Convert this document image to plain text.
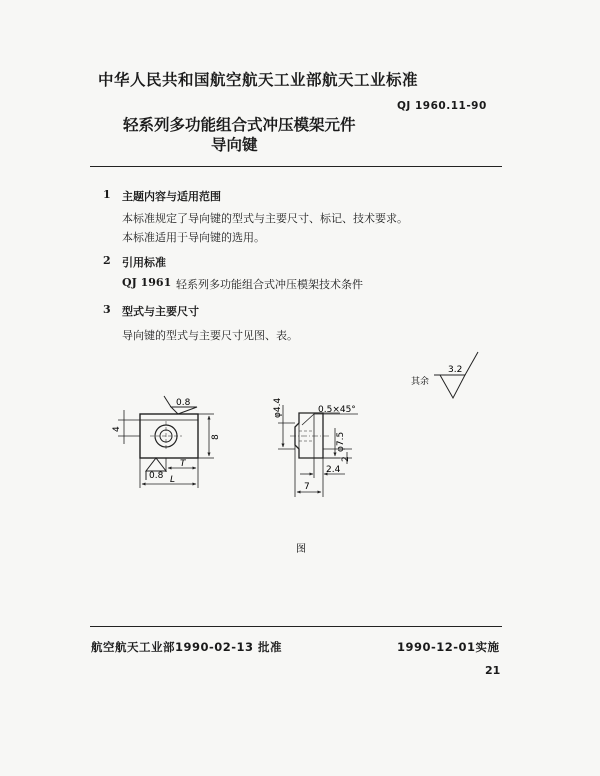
中华人民共和国航空航天工业部航天工业标准
QJ 1960.11-90
轻系列多功能组合式冲压模架元件
导向键
1 主题内容与适用范围
本标准规定了导向键的型式与主要尺寸、标记、技术要求。
本标准适用于导向键的选用。
2 引用标准
QJ 1961 轻系列多功能组合式冲压模架技术条件
3 型式与主要尺寸
导向键的型式与主要尺寸见图、表。
其余
3.2
0.8
4
8
0.8
T
L
φ4.4	0.5×45°
φ7.5
2
2.4
7
图
航空航天工业部1990-02-13 批准	1990-12-01实施
21
